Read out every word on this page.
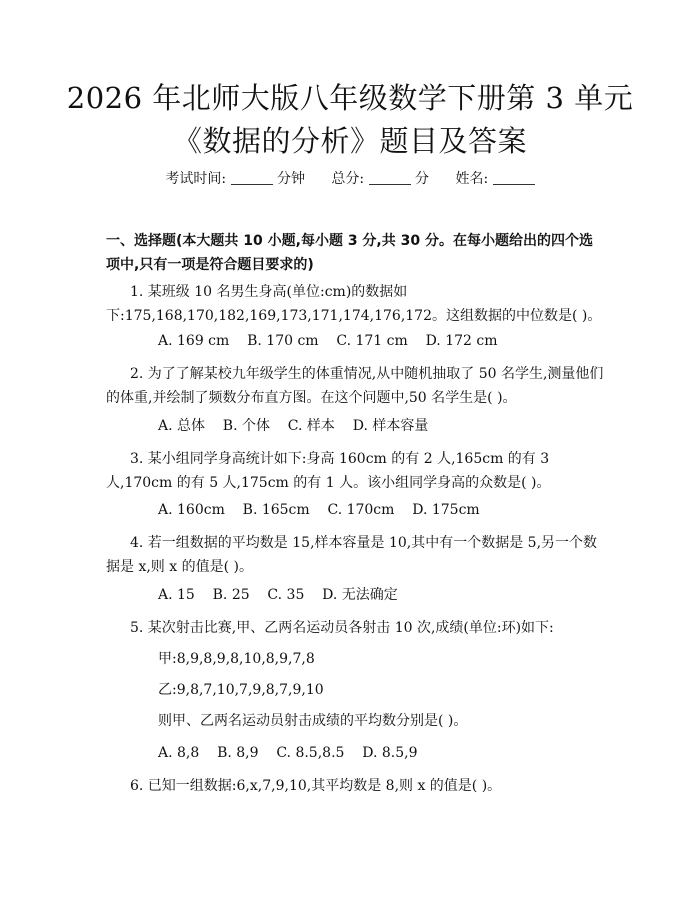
2026 年北师大版八年级数学下册第 3 单元
《数据的分析》题目及答案
考试时间:	分钟 总分:	分 姓名:
一、选择题(本大题共 10 小题,每小题 3 分,共 30 分。在每小题给出的四个选项中,只有一项是符合题目要求的)
1. 某班级 10 名男生身高(单位:cm)的数据如下:175,168,170,182,169,173,171,174,176,172。这组数据的中位数是( )。
A. 169 cm    B. 170 cm    C. 171 cm    D. 172 cm
2. 为了了解某校九年级学生的体重情况,从中随机抽取了 50 名学生,测量他们的体重,并绘制了频数分布直方图。在这个问题中,50 名学生是( )。
A. 总体    B. 个体    C. 样本    D. 样本容量
3. 某小组同学身高统计如下:身高 160cm 的有 2 人,165cm 的有 3 人,170cm 的有 5 人,175cm 的有 1 人。该小组同学身高的众数是( )。
A. 160cm    B. 165cm    C. 170cm    D. 175cm
4. 若一组数据的平均数是 15,样本容量是 10,其中有一个数据是 5,另一个数据是 x,则 x 的值是( )。
A. 15    B. 25    C. 35    D. 无法确定
5. 某次射击比赛,甲、乙两名运动员各射击 10 次,成绩(单位:环)如下:
甲:8,9,8,9,8,10,8,9,7,8
乙:9,8,7,10,7,9,8,7,9,10
则甲、乙两名运动员射击成绩的平均数分别是( )。
A. 8,8    B. 8,9    C. 8.5,8.5    D. 8.5,9
6. 已知一组数据:6,x,7,9,10,其平均数是 8,则 x 的值是( )。
